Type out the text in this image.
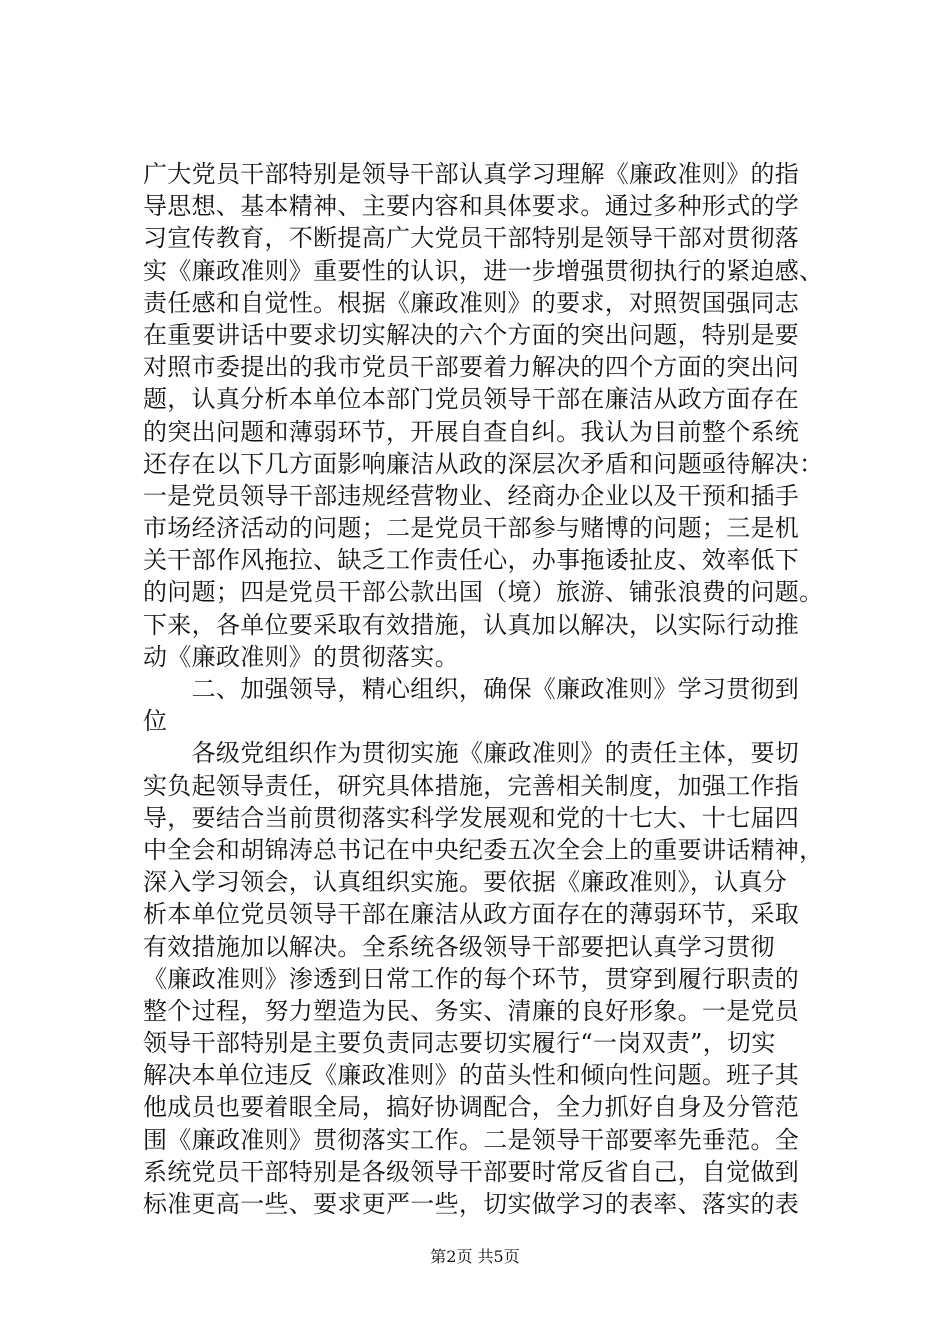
广大党员干部特别是领导干部认真学习理解《廉政准则》的指
导思想、基本精神、主要内容和具体要求。通过多种形式的学
习宣传教育，不断提高广大党员干部特别是领导干部对贯彻落
实《廉政准则》重要性的认识，进一步增强贯彻执行的紧迫感、
责任感和自觉性。根据《廉政准则》的要求，对照贺国强同志
在重要讲话中要求切实解决的六个方面的突出问题，特别是要
对照市委提出的我市党员干部要着力解决的四个方面的突出问
题，认真分析本单位本部门党员领导干部在廉洁从政方面存在
的突出问题和薄弱环节，开展自查自纠。我认为目前整个系统
还存在以下几方面影响廉洁从政的深层次矛盾和问题亟待解决：
一是党员领导干部违规经营物业、经商办企业以及干预和插手
市场经济活动的问题；二是党员干部参与赌博的问题；三是机
关干部作风拖拉、缺乏工作责任心，办事拖诿扯皮、效率低下
的问题；四是党员干部公款出国（境）旅游、铺张浪费的问题。
下来，各单位要采取有效措施，认真加以解决，以实际行动推
动《廉政准则》的贯彻落实。
　　二、加强领导，精心组织，确保《廉政准则》学习贯彻到
位
　　各级党组织作为贯彻实施《廉政准则》的责任主体，要切
实负起领导责任，研究具体措施，完善相关制度，加强工作指
导，要结合当前贯彻落实科学发展观和党的十七大、十七届四
中全会和胡锦涛总书记在中央纪委五次全会上的重要讲话精神，
深入学习领会，认真组织实施。要依据《廉政准则》，认真分
析本单位党员领导干部在廉洁从政方面存在的薄弱环节，采取
有效措施加以解决。全系统各级领导干部要把认真学习贯彻
《廉政准则》渗透到日常工作的每个环节，贯穿到履行职责的
整个过程，努力塑造为民、务实、清廉的良好形象。一是党员
领导干部特别是主要负责同志要切实履行“一岗双责”，切实
解决本单位违反《廉政准则》的苗头性和倾向性问题。班子其
他成员也要着眼全局，搞好协调配合，全力抓好自身及分管范
围《廉政准则》贯彻落实工作。二是领导干部要率先垂范。全
系统党员干部特别是各级领导干部要时常反省自己，自觉做到
标准更高一些、要求更严一些，切实做学习的表率、落实的表
第2页 共5页
